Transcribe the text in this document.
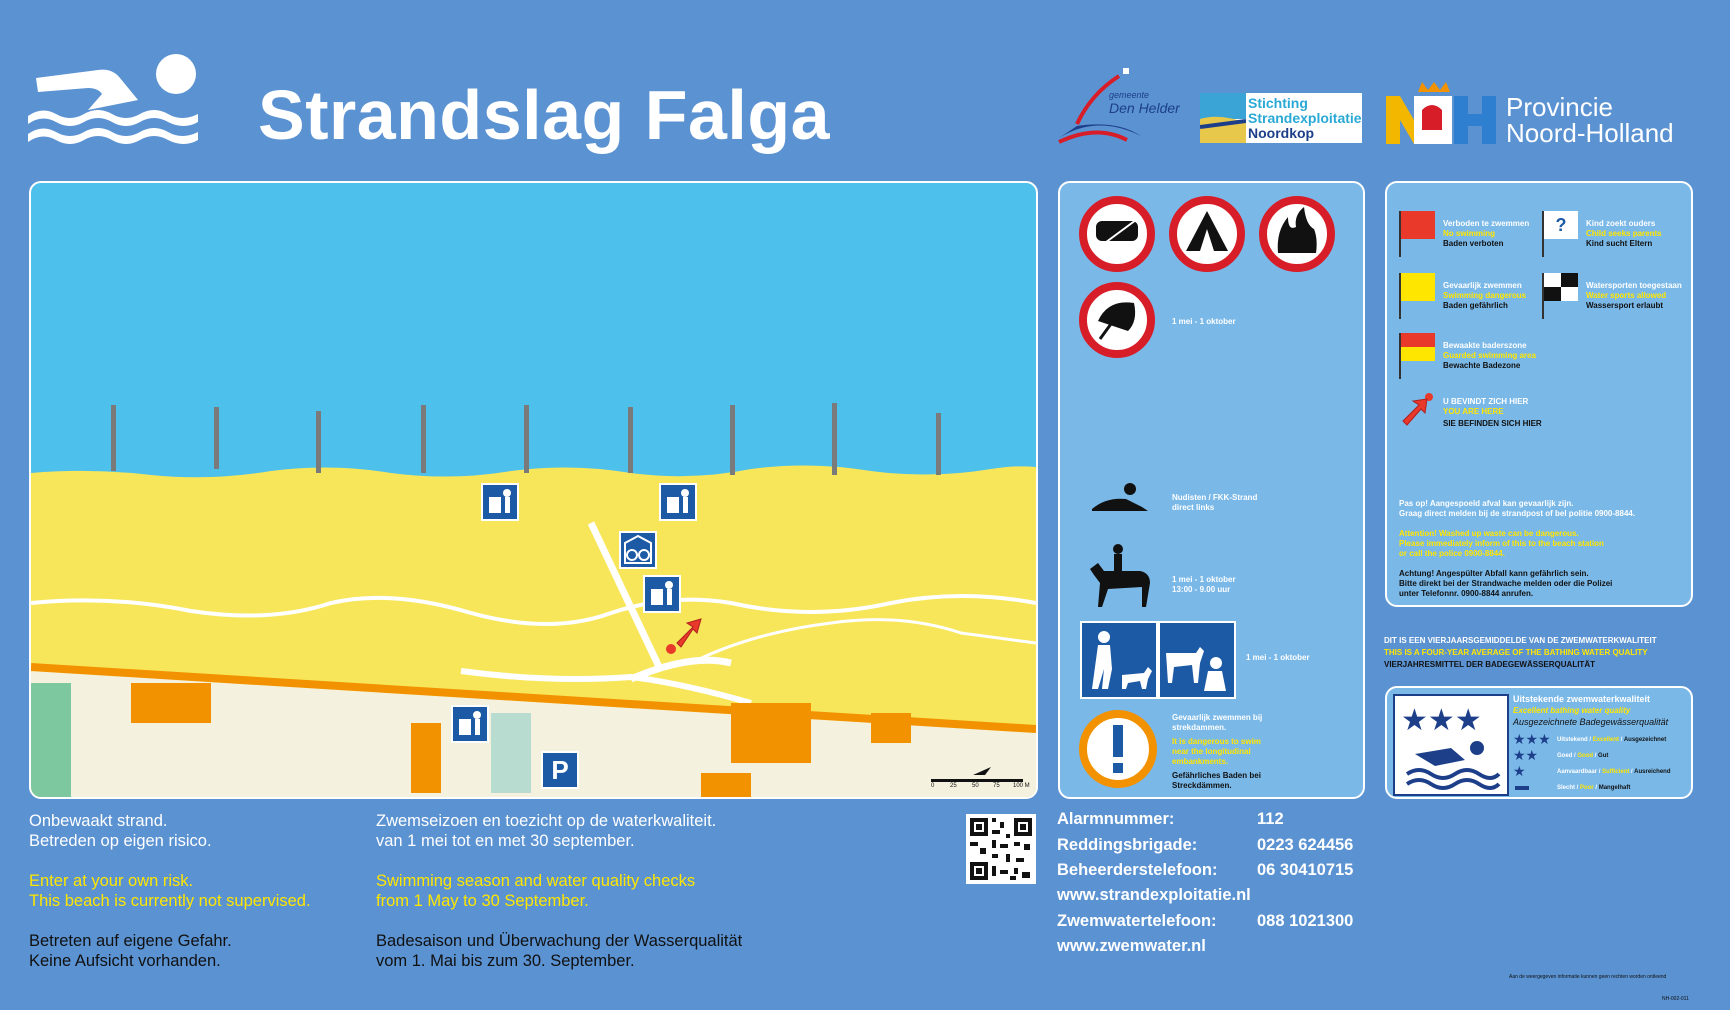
Strandslag Falga	gemeente
Den Helder	Stichting
Strandexploitatie
Noordkop
Provincie
Noord-Holland
P
0	25	50 75 100 M
1 mei - 1 oktober
Nudisten / FKK-Strand
direct links
1 mei - 1 oktober
13:00 - 9.00 uur
1 mei - 1 oktober
Gevaarlijk zwemmen bij
strekdammen.
It is dangerous to swim
near the longitudinal
embankments.
Gefährliches Baden bei
Streckdämmen.
Verboden te zwemmen
No swimming
Baden verboten
?	Kind zoekt ouders
Child seeks parents
Kind sucht Eltern
Gevaarlijk zwemmen
Swimming dangerous
Baden gefährlich
Watersporten toegestaan
Water sports allowed
Wassersport erlaubt
Bewaakte baderszone
Guarded swimming area
Bewachte Badezone
U BEVINDT ZICH HIER
YOU ARE HERE
SIE BEFINDEN SICH HIER
Pas op! Aangespoeld afval kan gevaarlijk zijn.
Graag direct melden bij de strandpost of bel politie 0900-8844.
Attention! Washed up waste can be dangerous.
Please immediately inform of this to the beach station
or call the police 0900-8844.
Achtung! Angespülter Abfall kann gefährlich sein.
Bitte direkt bei der Strandwache melden oder die Polizei
unter Telefonnr. 0900-8844 anrufen.
DIT IS EEN VIERJAARSGEMIDDELDE VAN DE ZWEMWATERKWALITEIT
THIS IS A FOUR-YEAR AVERAGE OF THE BATHING WATER QUALITY
VIERJAHRESMITTEL DER BADEGEWÄSSERQUALITÄT
★★★
Uitstekende zwemwaterkwaliteit
Excellent bathing water quality
Ausgezeichnete Badegewässerqualität
★★★ Uitstekend / Excellent / Ausgezeichnet
★★	Goed / Good / Gut
★	Aanvaardbaar / Sufficient / Ausreichend
Slecht / Poor / Mangelhaft
Onbewaakt strand.
Betreden op eigen risico.
Enter at your own risk.
This beach is currently not supervised.
Betreten auf eigene Gefahr.
Keine Aufsicht vorhanden.
Zwemseizoen en toezicht op de waterkwaliteit.
van 1 mei tot en met 30 september.
Swimming season and water quality checks
from 1 May to 30 September.
Badesaison und Überwachung der Wasserqualität
vom 1. Mai bis zum 30. September.
Alarmnummer:	112
Reddingsbrigade:	0223 624456
Beheerderstelefoon: 06 30410715
www.strandexploitatie.nl
Zwemwatertelefoon: 088 1021300
www.zwemwater.nl
Aan de weergegeven informatie kunnen geen rechten worden ontleend
NH-002-011
